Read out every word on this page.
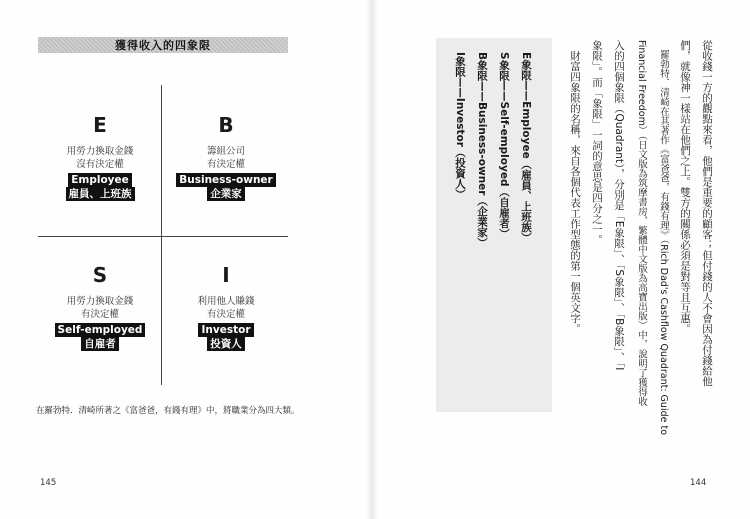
獲得收入的四象限
E
用勞力換取金錢
沒有決定權
Employee
雇員、上班族
B
籌組公司
有決定權
Business-owner
企業家
S
用勞力換取金錢
有決定權
Self-employed
自雇者
I
利用他人賺錢
有決定權
Investor
投資人
在羅勃特．清崎所著之《富爸爸，有錢有理》中，將職業分為四大類。
145
E象限——Employee（雇員、上班族）
S象限——Self-employed（自雇者）
B象限——Business-owner（企業家）
I象限——Investor（投資人）	從收錢一方的觀點來看，他們是重要的顧客；但付錢的人不會因為付錢給他
們，就像神一樣站在他們之上。雙方的關係必須是對等且互惠。
　羅勃特．清崎在其著作《富爸爸，有錢有理》（Rich Dad's Cashflow Quadrant: Guide to
Financial Freedom）（日文版為筑摩書房，繁體中文版為高寶出版）中，說明了獲得收
入的四個象限（Quadrant），分別是「E象限」、「S象限」、「B象限」、「I
象限」。而「象限」一詞的意思是四分之一。
　財富四象限的名稱，來自各個代表工作型態的第一個英文字。
144
